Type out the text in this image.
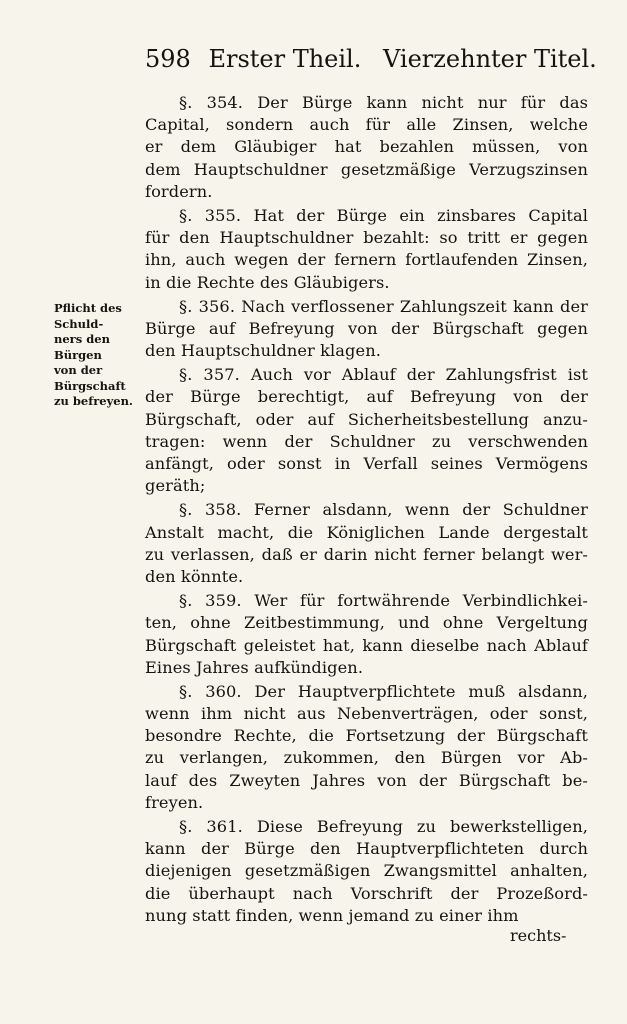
598 Erster Theil. Vierzehnter Titel.
Pflicht des
Schuld-
ners den
Bürgen
von der
Bürgschaft
zu befreyen.
§. 354. Der Bürge kann nicht nur für das
Capital, sondern auch für alle Zinsen, welche
er dem Gläubiger hat bezahlen müssen, von
dem Hauptschuldner gesetzmäßige Verzugszinsen
fordern.
§. 355. Hat der Bürge ein zinsbares Capital
für den Hauptschuldner bezahlt: so tritt er gegen
ihn, auch wegen der fernern fortlaufenden Zinsen,
in die Rechte des Gläubigers.
§. 356. Nach verflossener Zahlungszeit kann der
Bürge auf Befreyung von der Bürgschaft gegen
den Hauptschuldner klagen.
§. 357. Auch vor Ablauf der Zahlungsfrist ist
der Bürge berechtigt, auf Befreyung von der
Bürgschaft, oder auf Sicherheitsbestellung anzu-
tragen: wenn der Schuldner zu verschwenden
anfängt, oder sonst in Verfall seines Vermögens
geräth;
§. 358. Ferner alsdann, wenn der Schuldner
Anstalt macht, die Königlichen Lande dergestalt
zu verlassen, daß er darin nicht ferner belangt wer-
den könnte.
§. 359. Wer für fortwährende Verbindlichkei-
ten, ohne Zeitbestimmung, und ohne Vergeltung
Bürgschaft geleistet hat, kann dieselbe nach Ablauf
Eines Jahres aufkündigen.
§. 360. Der Hauptverpflichtete muß alsdann,
wenn ihm nicht aus Nebenverträgen, oder sonst,
besondre Rechte, die Fortsetzung der Bürgschaft
zu verlangen, zukommen, den Bürgen vor Ab-
lauf des Zweyten Jahres von der Bürgschaft be-
freyen.
§. 361. Diese Befreyung zu bewerkstelligen,
kann der Bürge den Hauptverpflichteten durch
diejenigen gesetzmäßigen Zwangsmittel anhalten,
die überhaupt nach Vorschrift der Prozeßord-
nung statt finden, wenn jemand zu einer ihm
rechts-
